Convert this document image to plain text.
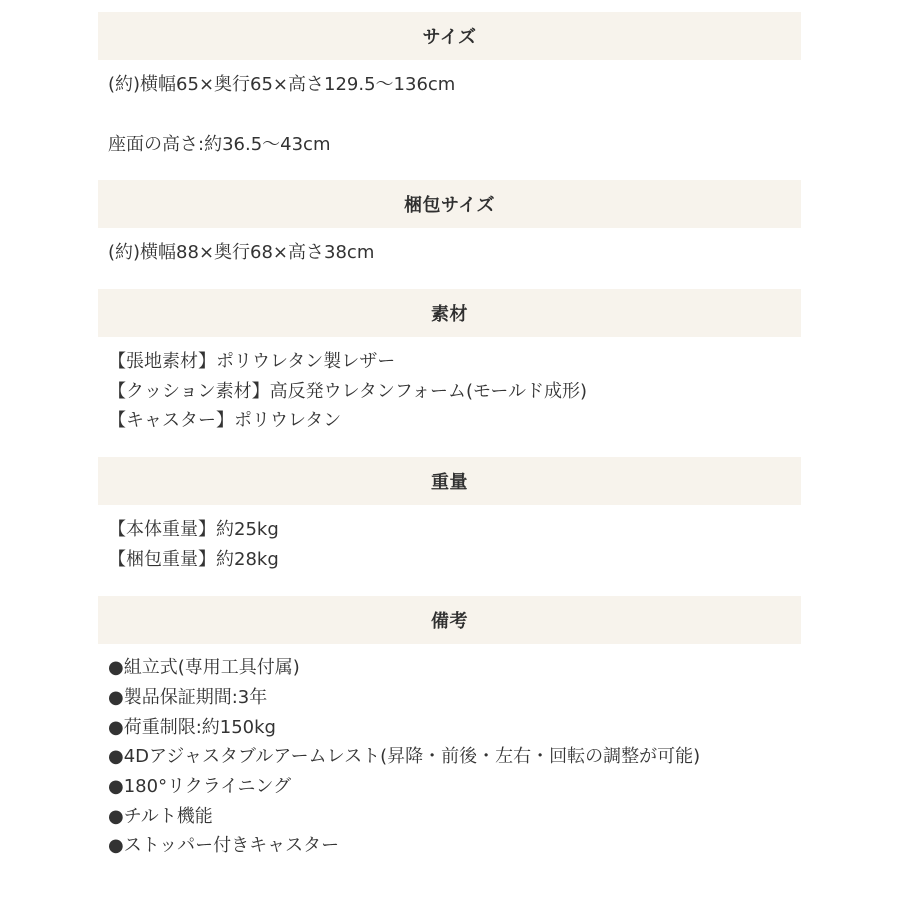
サイズ
(約)横幅65×奥行65×高さ129.5〜136cm
座面の高さ:約36.5〜43cm
梱包サイズ
(約)横幅88×奥行68×高さ38cm
素材
【張地素材】ポリウレタン製レザー
【クッション素材】高反発ウレタンフォーム(モールド成形)
【キャスター】ポリウレタン
重量
【本体重量】約25kg
【梱包重量】約28kg
備考
●組立式(専用工具付属)
●製品保証期間:3年
●荷重制限:約150kg
●4Dアジャスタブルアームレスト(昇降・前後・左右・回転の調整が可能)
●180°リクライニング
●チルト機能
●ストッパー付きキャスター
